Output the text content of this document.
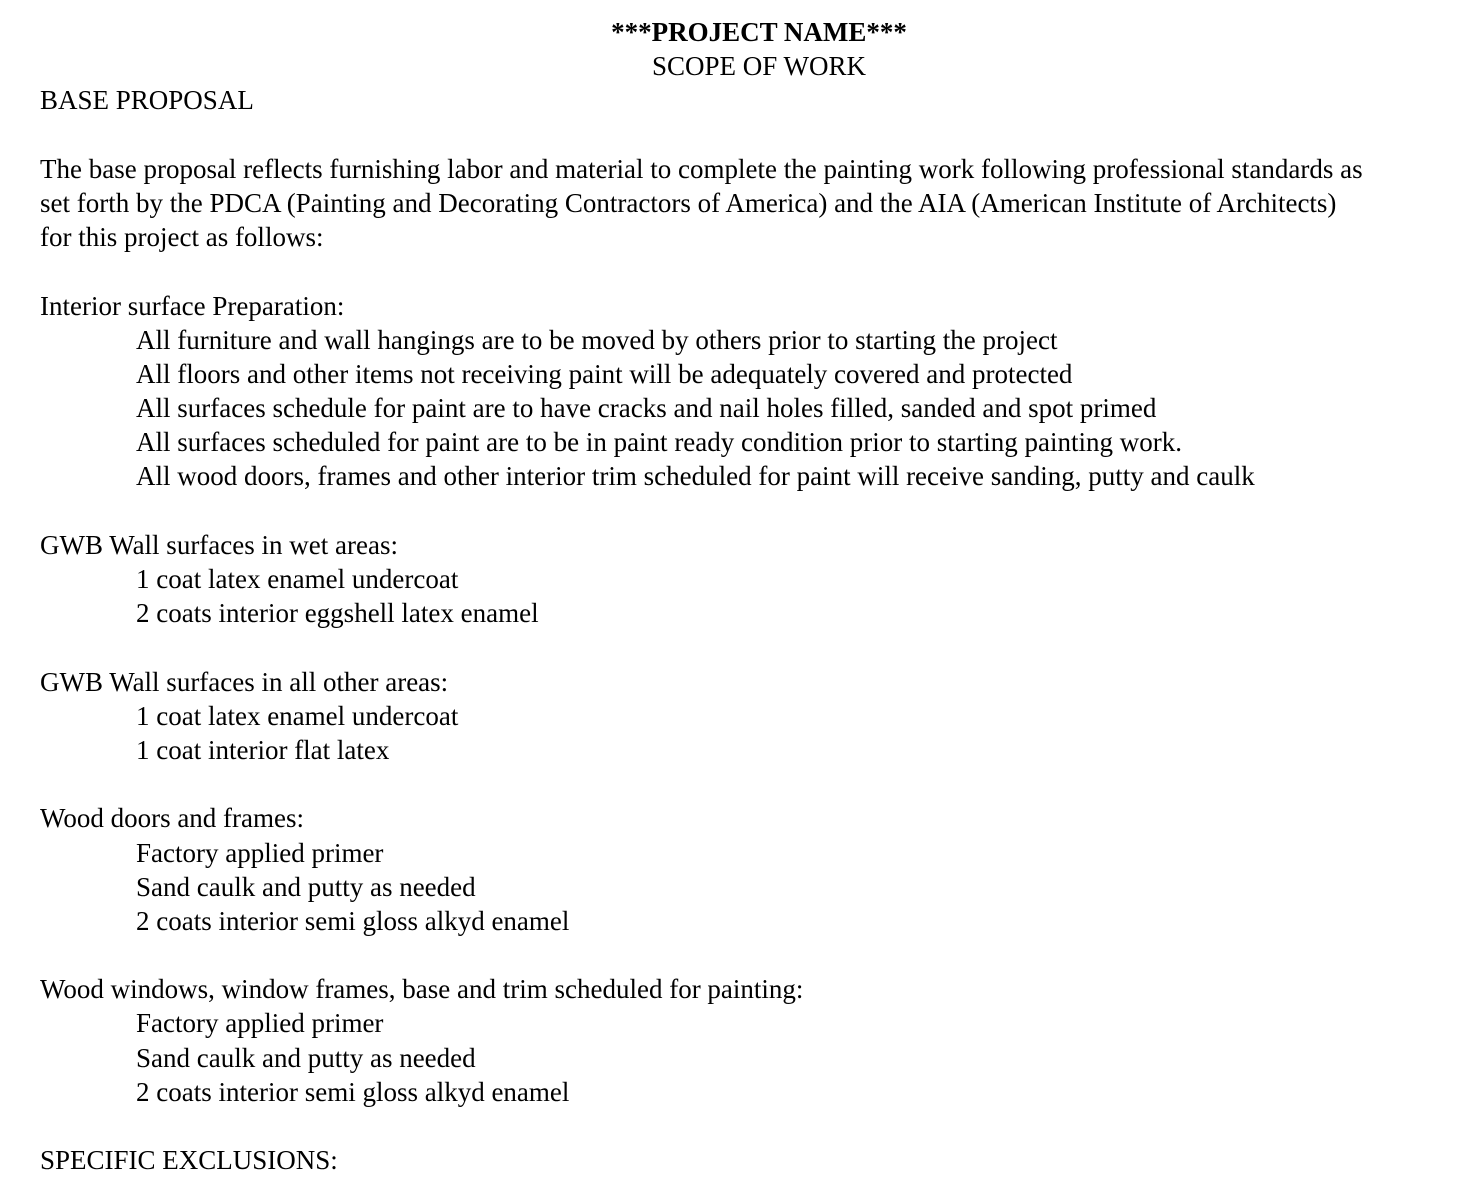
***PROJECT NAME***

SCOPE OF WORK

BASE PROPOSAL

The base proposal reflects furnishing labor and material to complete the painting work following professional standards as

set forth by the PDCA (Painting and Decorating Contractors of America) and the AIA (American Institute of Architects)

for this project as follows:

Interior surface Preparation:

All furniture and wall hangings are to be moved by others prior to starting the project
All floors and other items not receiving paint will be adequately covered and protected
All surfaces schedule for paint are to have cracks and nail holes filled, sanded and spot primed
All surfaces scheduled for paint are to be in paint ready condition prior to starting painting work.
All wood doors, frames and other interior trim scheduled for paint will receive sanding, putty and caulk

GWB Wall surfaces in wet areas:

1 coat latex enamel undercoat
2 coats interior eggshell latex enamel

GWB Wall surfaces in all other areas:

1 coat latex enamel undercoat
1 coat interior flat latex

Wood doors and frames:

Factory applied primer
Sand caulk and putty as needed
2 coats interior semi gloss alkyd enamel

Wood windows, window frames, base and trim scheduled for painting:

Factory applied primer
Sand caulk and putty as needed
2 coats interior semi gloss alkyd enamel

SPECIFIC EXCLUSIONS:
